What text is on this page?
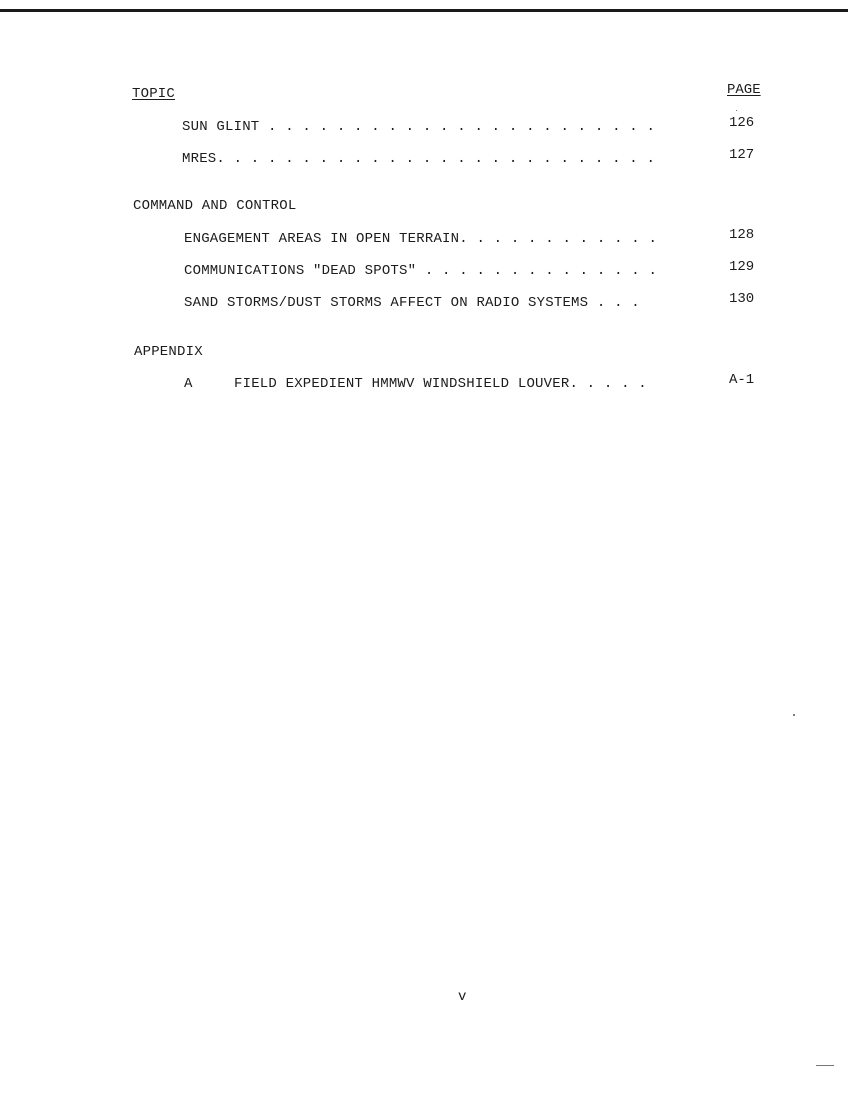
TOPIC	PAGE
SUN GLINT . . . . . . . . . . . . . . . . . . . . . . .	126
MRES. . . . . . . . . . . . . . . . . . . . . . . . . .	127
COMMAND AND CONTROL
ENGAGEMENT AREAS IN OPEN TERRAIN. . . . . . . . . . . .	128
COMMUNICATIONS "DEAD SPOTS" . . . . . . . . . . . . . .	129
SAND STORMS/DUST STORMS AFFECT ON RADIO SYSTEMS . . .	130
APPENDIX
A	FIELD EXPEDIENT HMMWV WINDSHIELD LOUVER. . . . .	A-1
v
